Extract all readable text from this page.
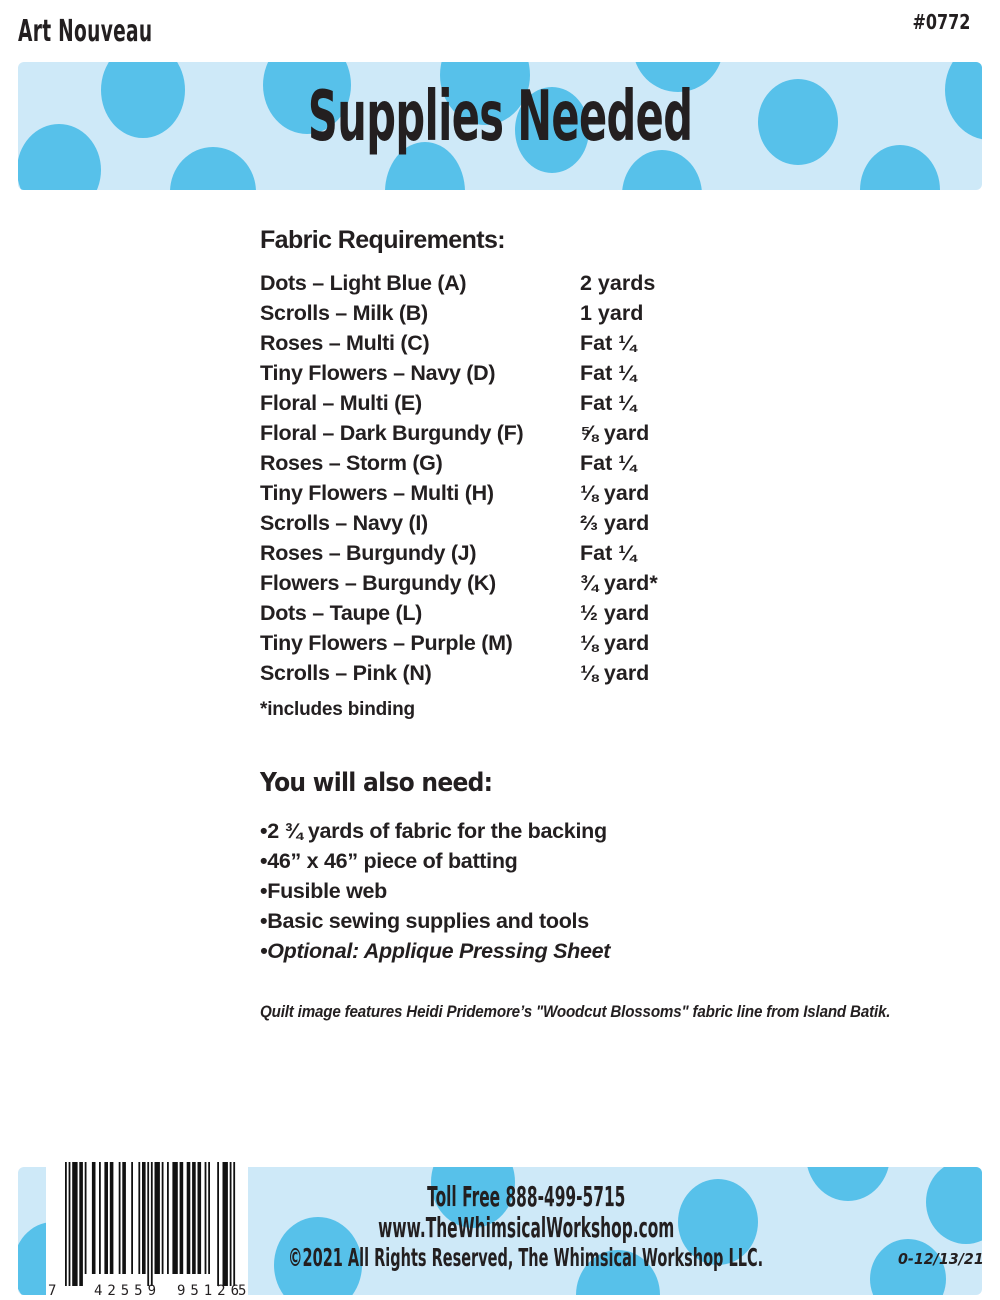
Art Nouveau	#0772
Supplies Needed
Fabric Requirements:
Dots – Light Blue (A)	2 yards
Scrolls – Milk (B)	1 yard
Roses – Multi (C)	Fat ¼
Tiny Flowers – Navy (D)	Fat ¼
Floral – Multi (E)	Fat ¼
Floral – Dark Burgundy (F)	⅝ yard
Roses – Storm (G)	Fat ¼
Tiny Flowers – Multi (H)	⅛ yard
Scrolls – Navy (I)	⅔ yard
Roses – Burgundy (J)	Fat ¼
Flowers – Burgundy (K)	¾ yard*
Dots – Taupe (L)	½ yard
Tiny Flowers – Purple (M)	⅛ yard
Scrolls – Pink (N)	⅛ yard
*includes binding
You will also need:
• 2 ¾ yards of fabric for the backing
• 46” x 46” piece of batting
• Fusible web
• Basic sewing supplies and tools
• Optional: Applique Pressing Sheet
Quilt image features Heidi Pridemore’s "Woodcut Blossoms" fabric line from Island Batik.
Toll Free 888-499-5715
www.TheWhimsicalWorkshop.com
©2021 All Rights Reserved, The Whimsical Workshop LLC.	0-12/13/21
7	42559 95126 5
